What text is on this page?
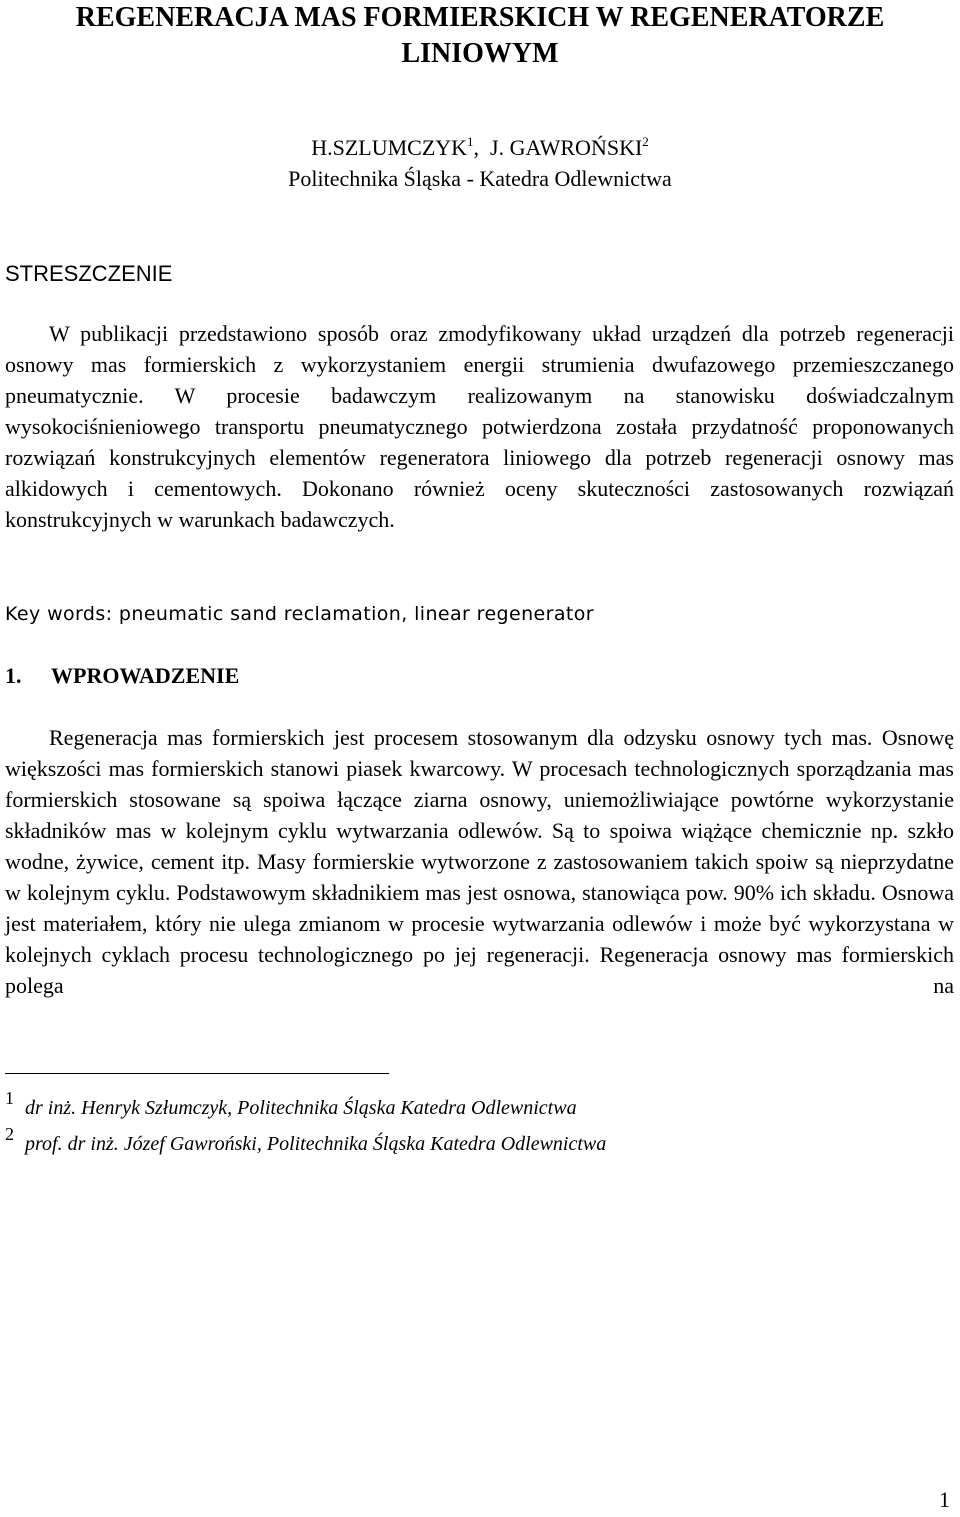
REGENERACJA MAS FORMIERSKICH W REGENERATORZE
LINIOWYM
H.SZLUMCZYK$^1$,  J. GAWROŃSKI$^2$
Politechnika Śląska - Katedra Odlewnictwa
STRESZCZENIE

W publikacji przedstawiono sposób oraz zmodyfikowany układ urządzeń dla potrzeb regeneracji osnowy mas formierskich z wykorzystaniem energii strumienia dwufazowego przemieszczanego pneumatycznie. W procesie badawczym realizowanym na stanowisku doświadczalnym wysokociśnieniowego transportu pneumatycznego potwierdzona została przydatność proponowanych rozwiązań konstrukcyjnych elementów regeneratora liniowego dla potrzeb regeneracji osnowy mas alkidowych i cementowych. Dokonano również oceny skuteczności zastosowanych rozwiązań konstrukcyjnych w warunkach badawczych.

Key words: pneumatic sand reclamation, linear regenerator

1. WPROWADZENIE

Regeneracja mas formierskich jest procesem stosowanym dla odzysku osnowy tych mas. Osnowę większości mas formierskich stanowi piasek kwarcowy. W procesach technologicznych sporządzania mas formierskich stosowane są spoiwa łączące ziarna osnowy, uniemożliwiające powtórne wykorzystanie składników mas w kolejnym cyklu wytwarzania odlewów. Są to spoiwa wiążące chemicznie np. szkło wodne, żywice, cement itp. Masy formierskie wytworzone z zastosowaniem takich spoiw są nieprzydatne w kolejnym cyklu. Podstawowym składnikiem mas jest osnowa, stanowiąca pow. 90% ich składu. Osnowa jest materiałem, który nie ulega zmianom w procesie wytwarzania odlewów i może być wykorzystana w kolejnych cyklach procesu technologicznego po jej regeneracji. Regeneracja osnowy mas formierskich polega na

1 dr inż. Henryk Szłumczyk, Politechnika Śląska Katedra Odlewnictwa

2 prof. dr inż. Józef Gawroński, Politechnika Śląska Katedra Odlewnictwa

1
